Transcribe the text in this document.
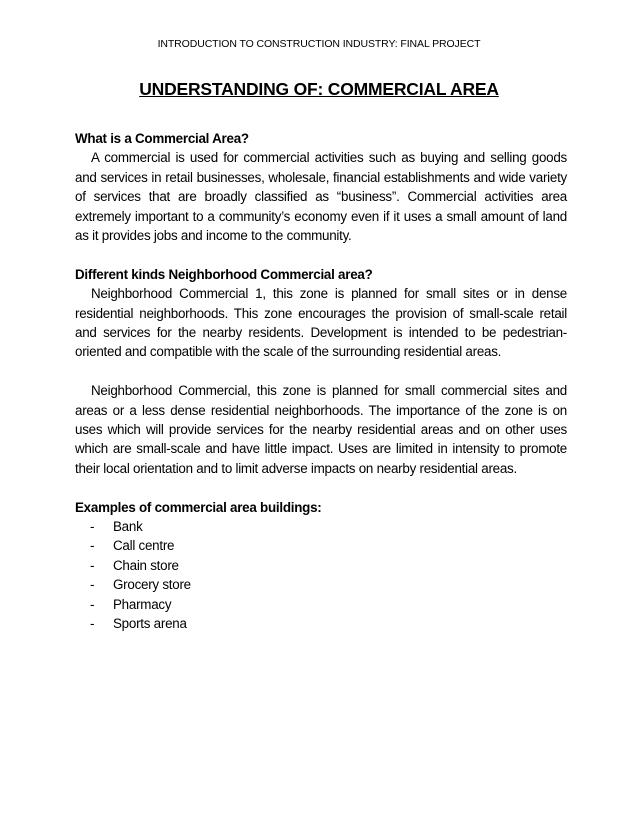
INTRODUCTION TO CONSTRUCTION INDUSTRY: FINAL PROJECT
UNDERSTANDING OF: COMMERCIAL AREA

What is a Commercial Area?

A commercial is used for commercial activities such as buying and selling goods and services in retail businesses, wholesale, financial establishments and wide variety of services that are broadly classified as “business”. Commercial activities area extremely important to a community’s economy even if it uses a small amount of land as it provides jobs and income to the community.

Different kinds Neighborhood Commercial area?

Neighborhood Commercial 1, this zone is planned for small sites or in dense residential neighborhoods. This zone encourages the provision of small-scale retail and services for the nearby residents. Development is intended to be pedestrian-oriented and compatible with the scale of the surrounding residential areas.

Neighborhood Commercial, this zone is planned for small commercial sites and areas or a less dense residential neighborhoods. The importance of the zone is on uses which will provide services for the nearby residential areas and on other uses which are small-scale and have little impact. Uses are limited in intensity to promote their local orientation and to limit adverse impacts on nearby residential areas.

Examples of commercial area buildings:

- Bank
- Call centre
- Chain store
- Grocery store
- Pharmacy
- Sports arena
